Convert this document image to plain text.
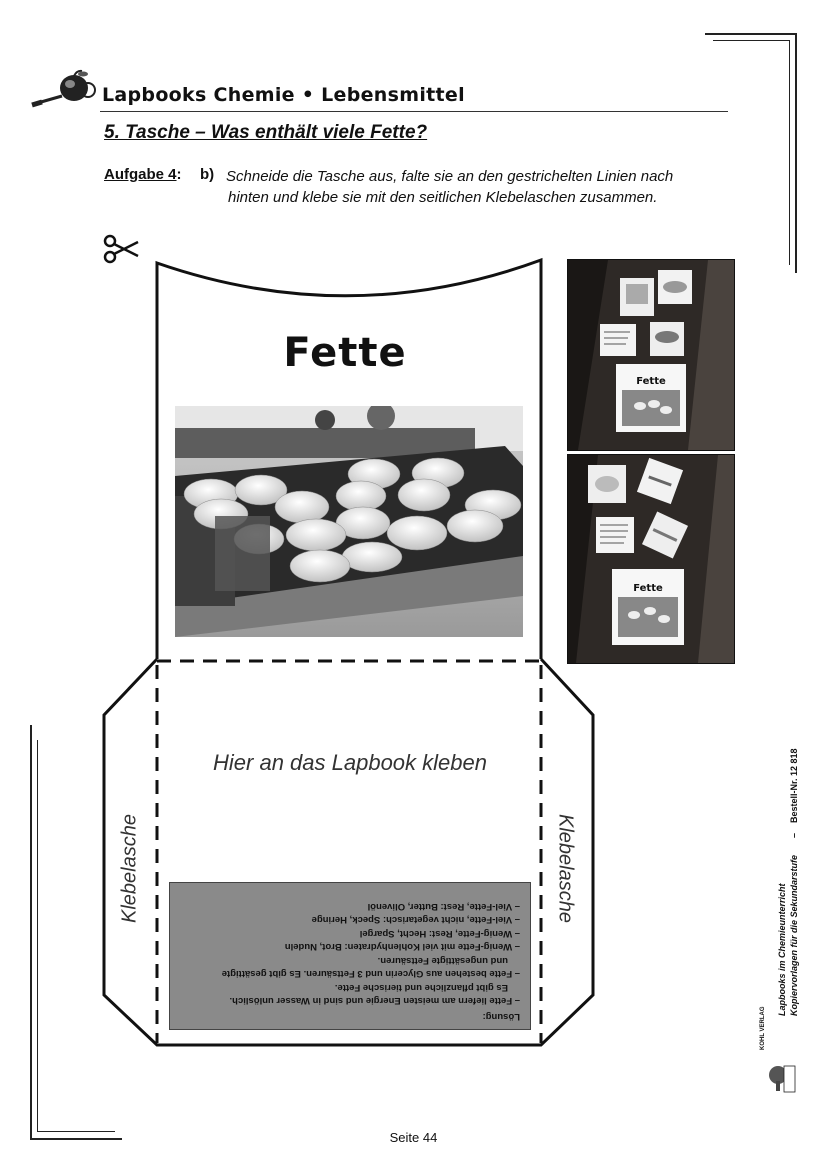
Lapbooks Chemie • Lebensmittel
5. Tasche – Was enthält viele Fette?
Aufgabe 4: b) Schneide die Tasche aus, falte sie an den gestrichelten Linien nach
hinten und klebe sie mit den seitlichen Klebelaschen zusammen.
Fette
Hier an das Lapbook kleben
Klebelasche	Klebelasche
Lösung:
– Fette liefern am meisten Energie und sind in Wasser unlöslich.
Es gibt pflanzliche und tierische Fette.
– Fette bestehen aus Glycerin und 3 Fettsäuren. Es gibt gesättigte
und ungesättigte Fettsäuren.
– Wenig-Fette mit viel Kohlenhydraten: Brot, Nudeln
– Wenig-Fette, Rest: Hecht, Spargel
– Viel-Fette, nicht vegetarisch: Speck, Heringe
– Viel-Fette, Rest: Butter, Olivenöl
Fette
Fette
Lapbooks im Chemieunterricht Kopiervorlagen für die Sekundarstufe
–
Bestell-Nr. 12 818
KOHL VERLAG
Seite 44
